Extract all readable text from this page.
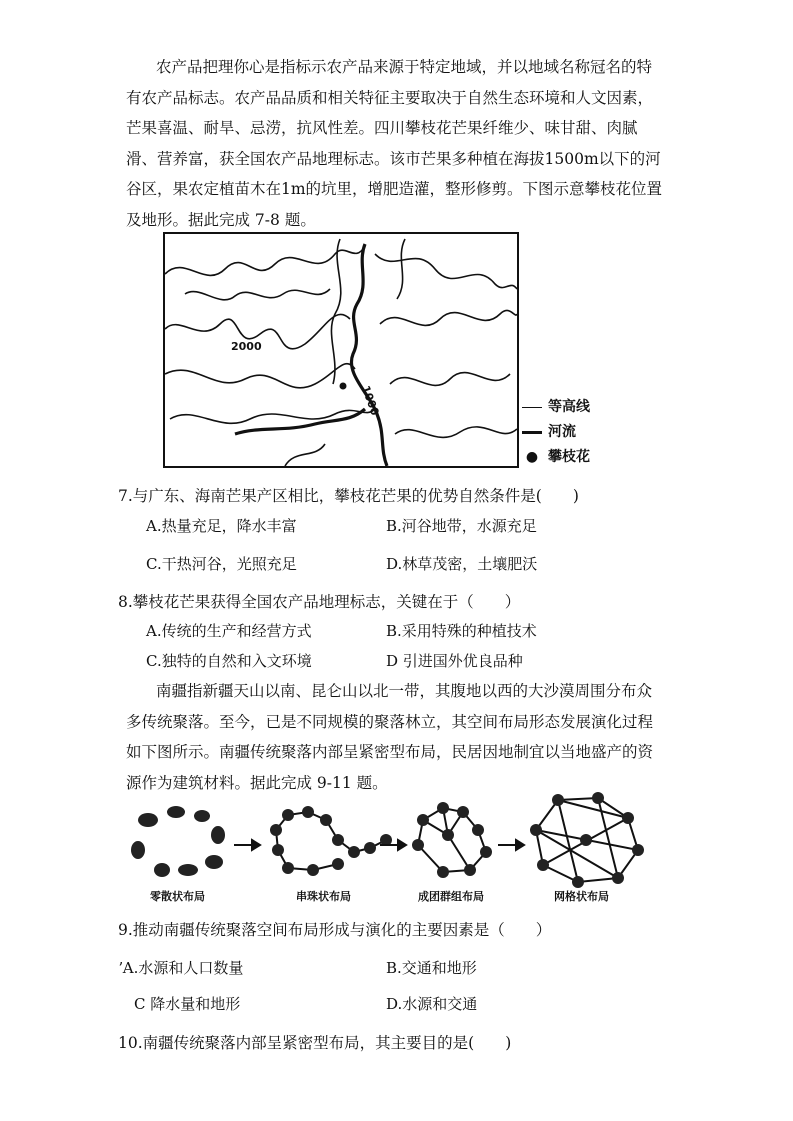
农产品把理你心是指标示农产品来源于特定地域，并以地域名称冠名的特有农产品标志。农产品品质和相关特征主要取决于自然生态环境和人文因素，芒果喜温、耐旱、忌涝，抗风性差。四川攀枝花芒果纤维少、味甘甜、肉腻滑、营养富，获全国农产品地理标志。该市芒果多种植在海拔1500m以下的河谷区，果农定植苗木在1m的坑里，增肥造灌，整形修剪。下图示意攀枝花位置及地形。据此完成 7-8 题。

2000
1000	等高线
河流
● 攀枝花

7.与广东、海南芒果产区相比，攀枝花芒果的优势自然条件是(　　)

A.热量充足，降水丰富	B.河谷地带，水源充足
C.干热河谷，光照充足	D.林草茂密，土壤肥沃

8.攀枝花芒果获得全国农产品地理标志，关键在于（　　）

A.传统的生产和经营方式	B.采用特殊的种植技术
C.独特的自然和入文环境	D 引进国外优良品种

南疆指新疆天山以南、昆仑山以北一带，其腹地以西的大沙漠周围分布众多传统聚落。至今，已是不同规模的聚落林立，其空间布局形态发展演化过程如下图所示。南疆传统聚落内部呈紧密型布局，民居因地制宜以当地盛产的资源作为建筑材料。据此完成 9-11 题。

零散状布局	串珠状布局	成团群组布局	网格状布局

9.推动南疆传统聚落空间布局形成与演化的主要因素是（　　）

ʼA.水源和人口数量	B.交通和地形
C 降水量和地形	D.水源和交通

10.南疆传统聚落内部呈紧密型布局，其主要目的是(　　)
